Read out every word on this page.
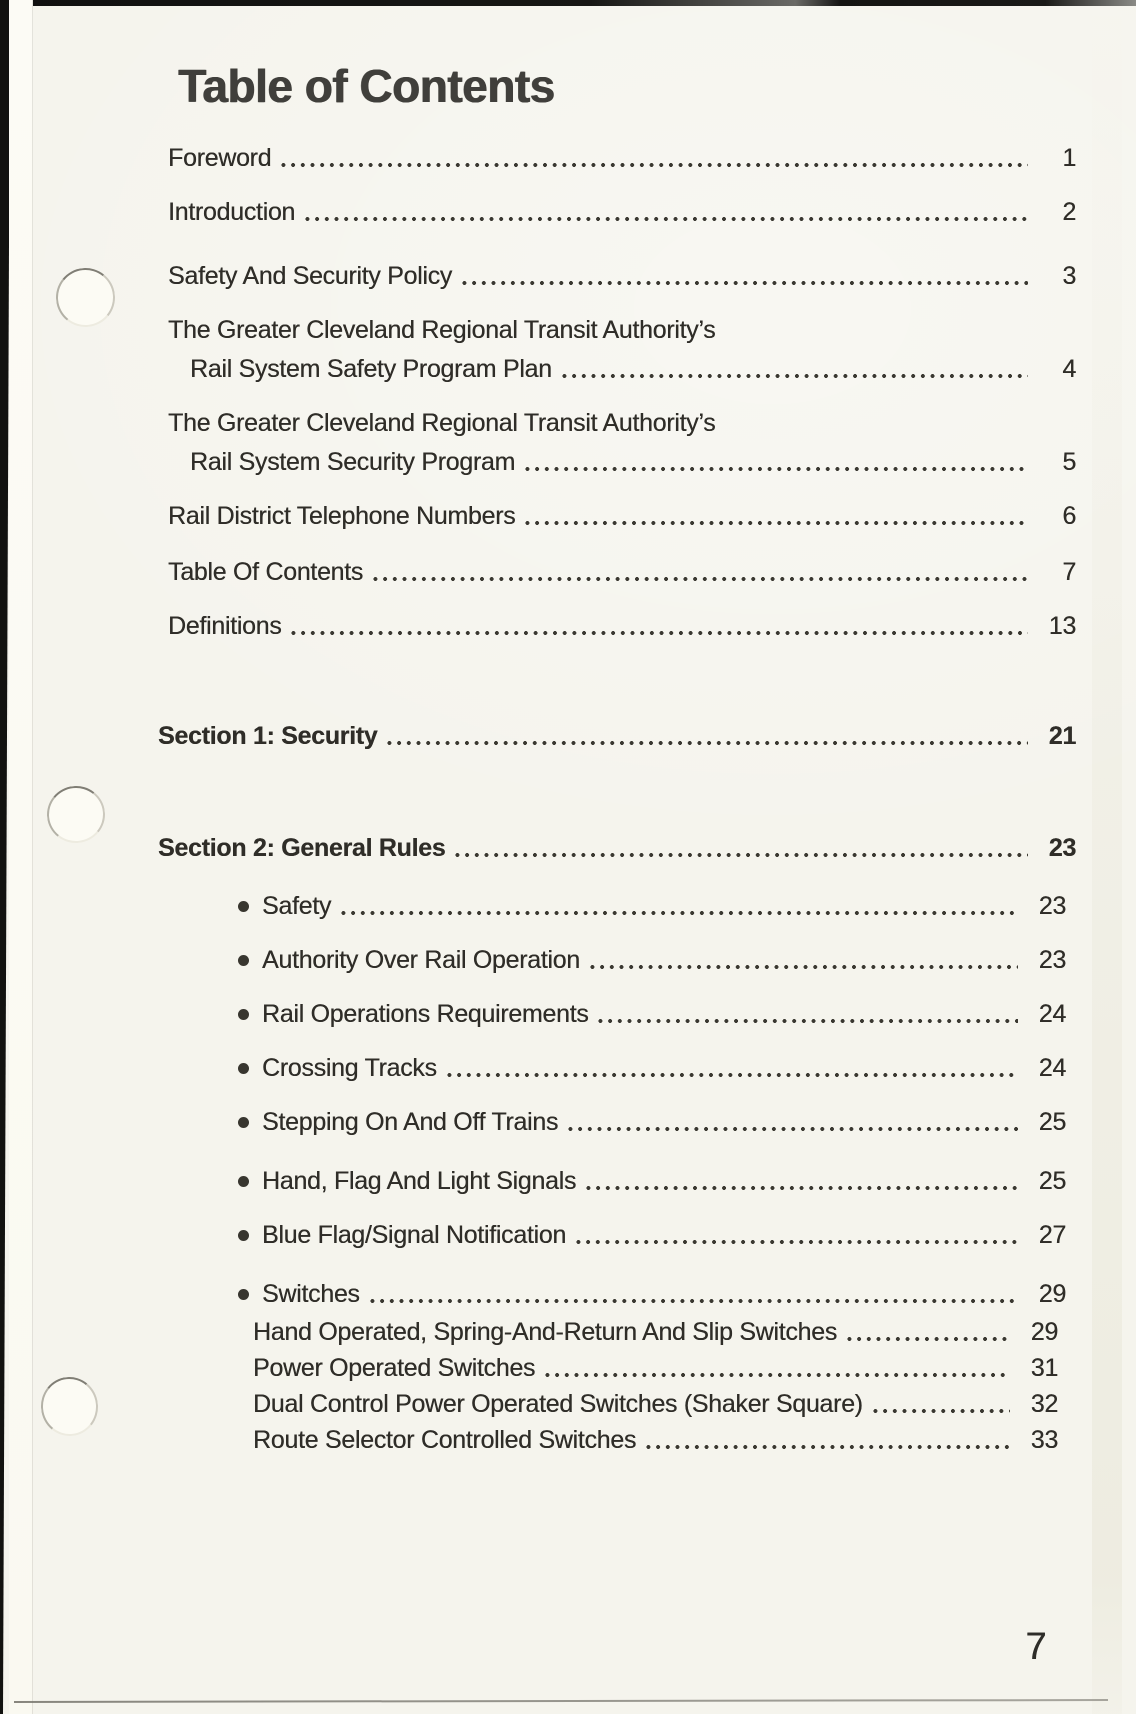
Table of Contents
Foreword	1
Introduction	2
Safety And Security Policy	3
The Greater Cleveland Regional Transit Authority’s
Rail System Safety Program Plan	4
The Greater Cleveland Regional Transit Authority’s
Rail System Security Program	5
Rail District Telephone Numbers	6
Table Of Contents	7
Definitions	13
Section 1: Security	21
Section 2: General Rules	23
Safety	23
Authority Over Rail Operation	23
Rail Operations Requirements	24
Crossing Tracks	24
Stepping On And Off Trains	25
Hand, Flag And Light Signals	25
Blue Flag/Signal Notification	27
Switches	29
Hand Operated, Spring-And-Return And Slip Switches	29
Power Operated Switches	31
Dual Control Power Operated Switches (Shaker Square)	32
Route Selector Controlled Switches	33
7
